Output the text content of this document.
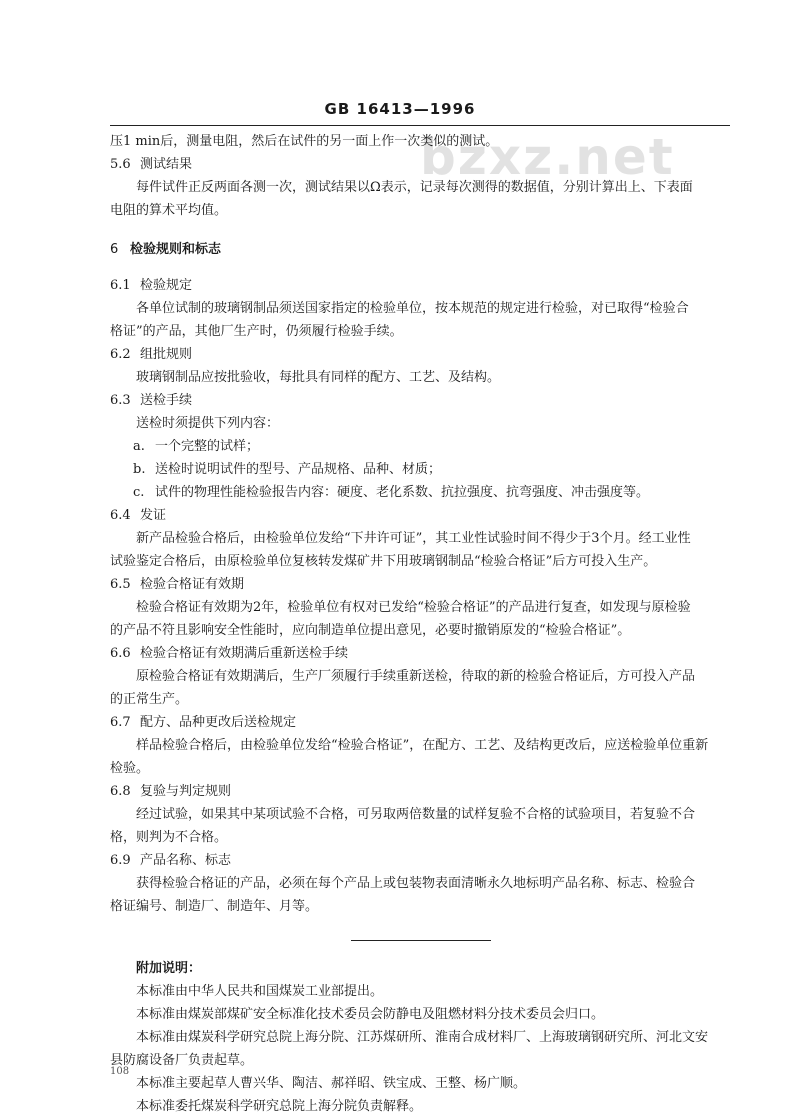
GB 16413—1996
bzxz.net

压1 min后，测量电阻，然后在试件的另一面上作一次类似的测试。

5.6 测试结果

每件试件正反两面各测一次，测试结果以Ω表示，记录每次测得的数据值，分别计算出上、下表面

电阻的算术平均值。

6 检验规则和标志

6.1 检验规定

各单位试制的玻璃钢制品须送国家指定的检验单位，按本规范的规定进行检验，对已取得“检验合

格证”的产品，其他厂生产时，仍须履行检验手续。

6.2 组批规则

玻璃钢制品应按批验收，每批具有同样的配方、工艺、及结构。

6.3 送检手续

送检时须提供下列内容：

a. 一个完整的试样；

b. 送检时说明试件的型号、产品规格、品种、材质；

c. 试件的物理性能检验报告内容：硬度、老化系数、抗拉强度、抗弯强度、冲击强度等。

6.4 发证

新产品检验合格后，由检验单位发给“下井许可证”，其工业性试验时间不得少于3个月。经工业性

试验鉴定合格后，由原检验单位复核转发煤矿井下用玻璃钢制品“检验合格证”后方可投入生产。

6.5 检验合格证有效期

检验合格证有效期为2年，检验单位有权对已发给“检验合格证”的产品进行复查，如发现与原检验

的产品不符且影响安全性能时，应向制造单位提出意见，必要时撤销原发的“检验合格证”。

6.6 检验合格证有效期满后重新送检手续

原检验合格证有效期满后，生产厂须履行手续重新送检，待取的新的检验合格证后，方可投入产品

的正常生产。

6.7 配方、品种更改后送检规定

样品检验合格后，由检验单位发给“检验合格证”，在配方、工艺、及结构更改后，应送检验单位重新

检验。

6.8 复验与判定规则

经过试验，如果其中某项试验不合格，可另取两倍数量的试样复验不合格的试验项目，若复验不合

格，则判为不合格。

6.9 产品名称、标志

获得检验合格证的产品，必须在每个产品上或包装物表面清晰永久地标明产品名称、标志、检验合

格证编号、制造厂、制造年、月等。

附加说明：

本标准由中华人民共和国煤炭工业部提出。

本标准由煤炭部煤矿安全标准化技术委员会防静电及阻燃材料分技术委员会归口。

本标准由煤炭科学研究总院上海分院、江苏煤研所、淮南合成材料厂、上海玻璃钢研究所、河北文安

县防腐设备厂负责起草。

本标准主要起草人曹兴华、陶洁、郝祥昭、铁宝成、王整、杨广顺。

本标准委托煤炭科学研究总院上海分院负责解释。

108
